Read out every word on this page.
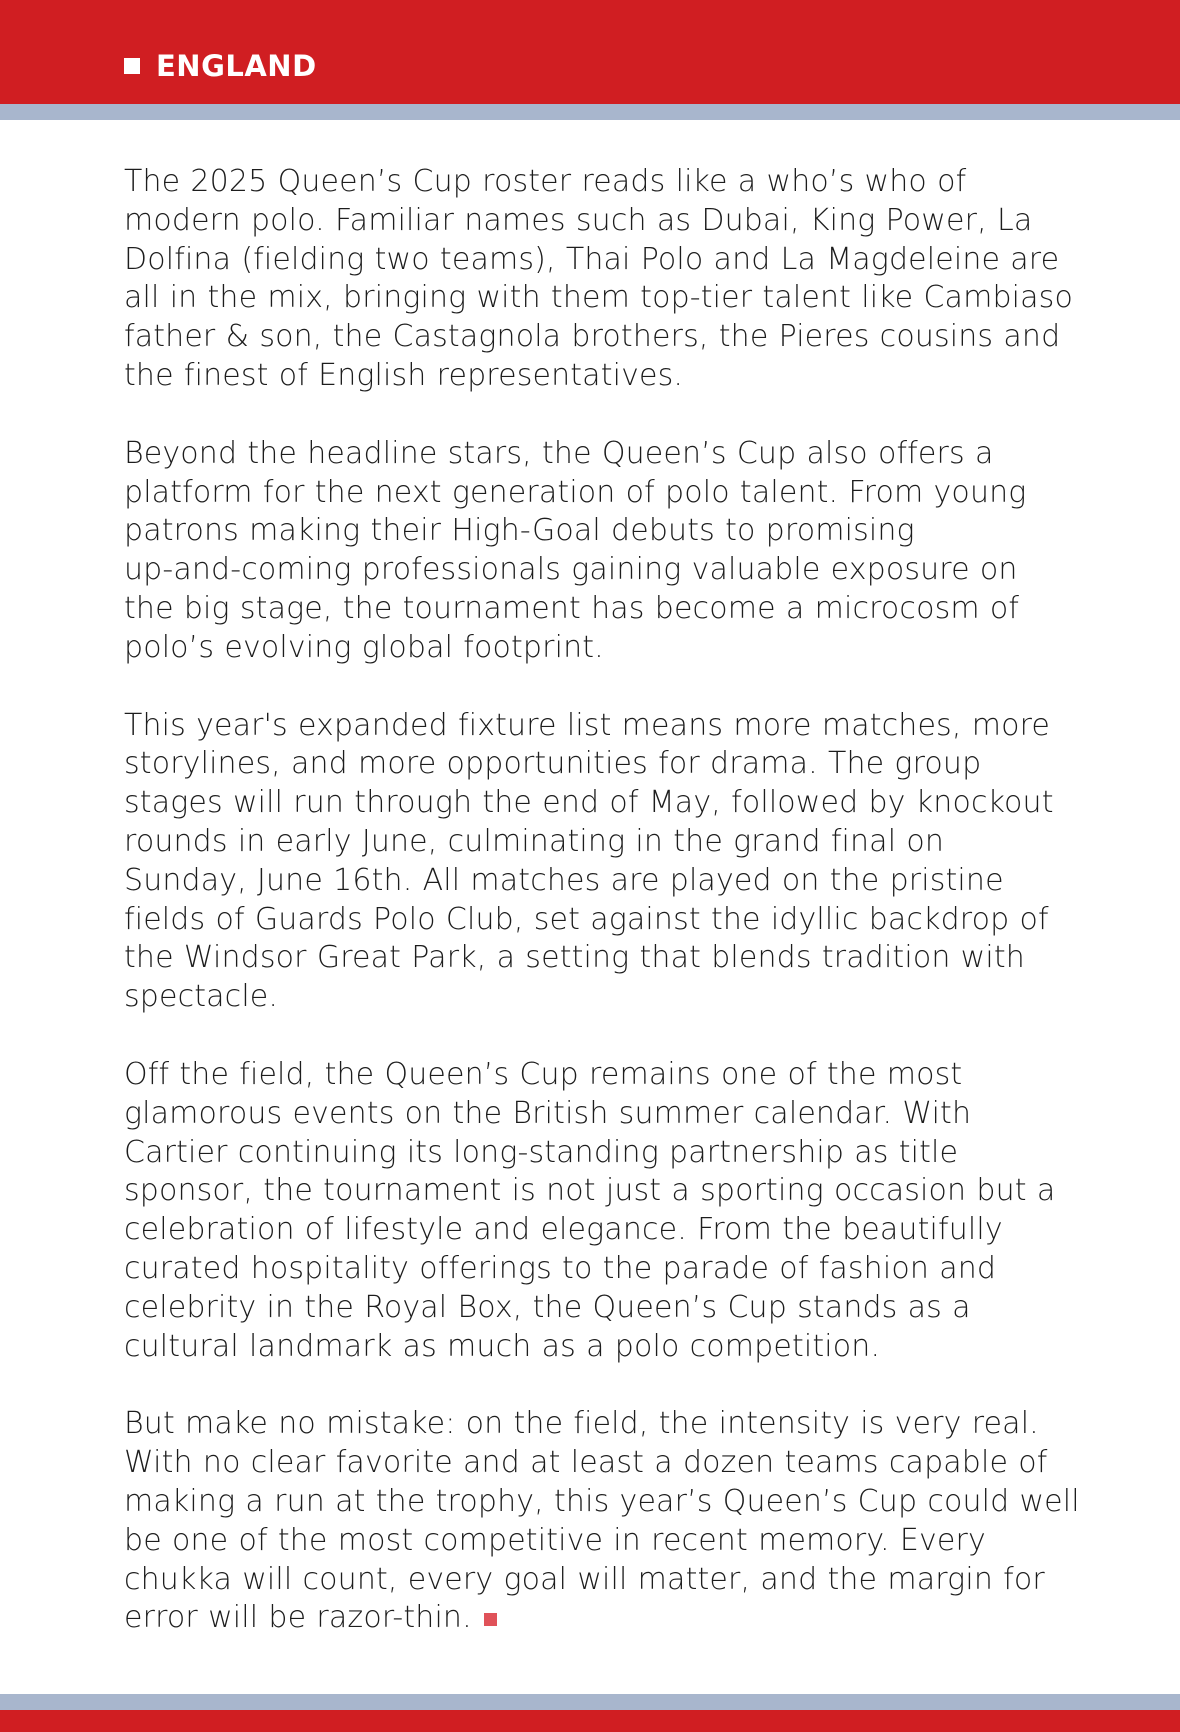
ENGLAND

The 2025 Queen’s Cup roster reads like a who’s who of
modern polo. Familiar names such as Dubai, King Power, La
Dolfina (fielding two teams), Thai Polo and La Magdeleine are
all in the mix, bringing with them top-tier talent like Cambiaso
father & son, the Castagnola brothers, the Pieres cousins and
the finest of English representatives.

Beyond the headline stars, the Queen’s Cup also offers a
platform for the next generation of polo talent. From young
patrons making their High-Goal debuts to promising
up-and-coming professionals gaining valuable exposure on
the big stage, the tournament has become a microcosm of
polo’s evolving global footprint.

This year's expanded fixture list means more matches, more
storylines, and more opportunities for drama. The group
stages will run through the end of May, followed by knockout
rounds in early June, culminating in the grand final on
Sunday, June 16th. All matches are played on the pristine
fields of Guards Polo Club, set against the idyllic backdrop of
the Windsor Great Park, a setting that blends tradition with
spectacle.

Off the field, the Queen’s Cup remains one of the most
glamorous events on the British summer calendar. With
Cartier continuing its long-standing partnership as title
sponsor, the tournament is not just a sporting occasion but a
celebration of lifestyle and elegance. From the beautifully
curated hospitality offerings to the parade of fashion and
celebrity in the Royal Box, the Queen’s Cup stands as a
cultural landmark as much as a polo competition.

But make no mistake: on the field, the intensity is very real.
With no clear favorite and at least a dozen teams capable of
making a run at the trophy, this year’s Queen’s Cup could well
be one of the most competitive in recent memory. Every
chukka will count, every goal will matter, and the margin for
error will be razor-thin.
